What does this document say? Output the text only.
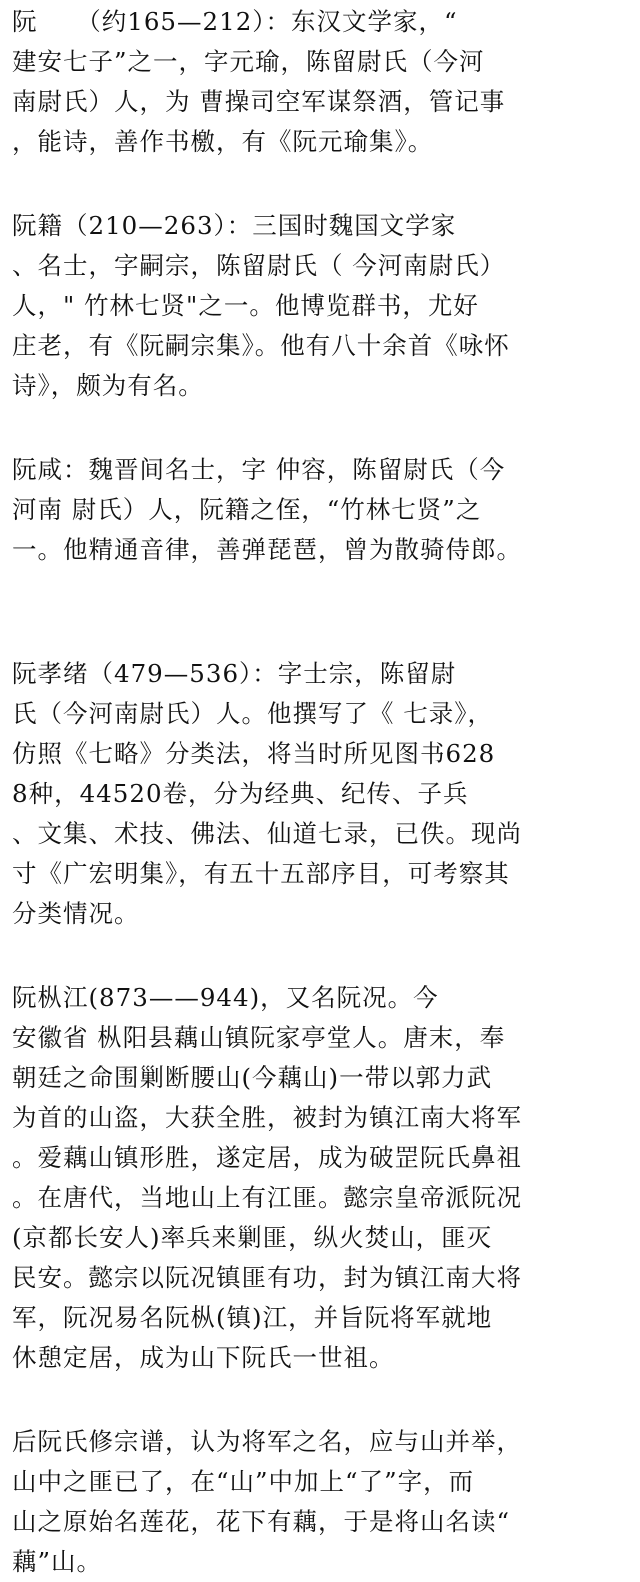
阮　　（约165—212）：东汉文学家，“
建安七子”之一，字元瑜，陈留尉氏（今河
南尉氏）人，为 曹操司空军谋祭酒，管记事
，能诗，善作书檄，有《阮元瑜集》。
阮籍（210—263）：三国时魏国文学家
、名士，字嗣宗，陈留尉氏（ 今河南尉氏）
人，" 竹林七贤"之一。他博览群书，尤好
庄老，有《阮嗣宗集》。他有八十余首《咏怀
诗》，颇为有名。
阮咸：魏晋间名士，字 仲容，陈留尉氏（今
河南 尉氏）人，阮籍之侄，“竹林七贤”之
一。他精通音律，善弹琵琶，曾为散骑侍郎。
阮孝绪（479—536）：字士宗，陈留尉
氏（今河南尉氏）人。他撰写了《 七录》，
仿照《七略》分类法，将当时所见图书628
8种，44520卷，分为经典、纪传、子兵
、文集、术技、佛法、仙道七录，已佚。现尚
寸《广宏明集》，有五十五部序目，可考察其
分类情况。
阮枞江(873——944)，又名阮况。今
安徽省 枞阳县藕山镇阮家亭堂人。唐末，奉
朝廷之命围剿断腰山(今藕山)一带以郭力武
为首的山盗，大获全胜，被封为镇江南大将军
。爱藕山镇形胜，遂定居，成为破罡阮氏鼻祖
。在唐代，当地山上有江匪。懿宗皇帝派阮况
(京都长安人)率兵来剿匪，纵火焚山，匪灭
民安。懿宗以阮况镇匪有功，封为镇江南大将
军，阮况易名阮枞(镇)江，并旨阮将军就地
休憩定居，成为山下阮氏一世祖。
后阮氏修宗谱，认为将军之名，应与山并举，
山中之匪已了，在“山”中加上“了”字，而
山之原始名莲花，花下有藕，于是将山名读“
藕”山。
